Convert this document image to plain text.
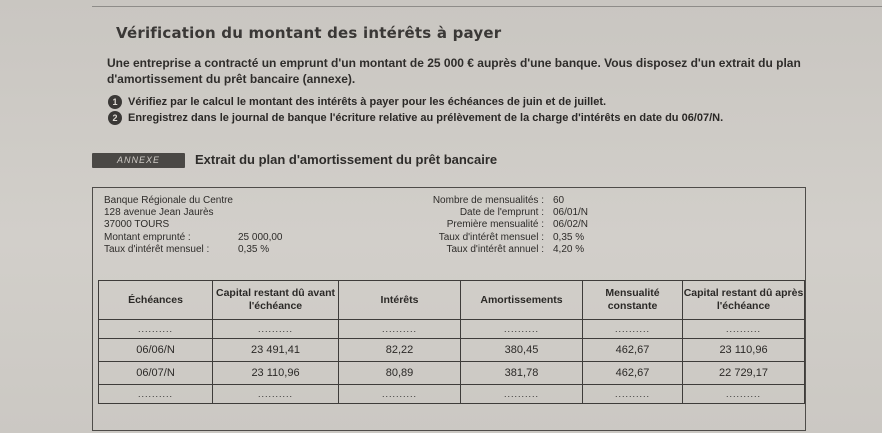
Vérification du montant des intérêts à payer
Une entreprise a contracté un emprunt d'un montant de 25 000 € auprès d'une banque. Vous disposez d'un extrait du plan d'amortissement du prêt bancaire (annexe).
1 Vérifiez par le calcul le montant des intérêts à payer pour les échéances de juin et de juillet.
2 Enregistrez dans le journal de banque l'écriture relative au prélèvement de la charge d'intérêts en date du 06/07/N.
ANNEXE	Extrait du plan d'amortissement du prêt bancaire
Banque Régionale du Centre
128 avenue Jean Jaurès
37000 TOURS
Montant emprunté :	25 000,00
Taux d'intérêt mensuel :	0,35 %
Nombre de mensualités : 60
Date de l'emprunt : 06/01/N
Première mensualité : 06/02/N
Taux d'intérêt mensuel : 0,35 %
Taux d'intérêt annuel : 4,20 %
Échéances	Capital restant dû avant l'échéance	Intérêts	Amortissements	Mensualité constante	Capital restant dû après l'échéance
..........	..........	..........	..........	..........	..........
06/06/N	23 491,41	82,22	380,45	462,67	23 110,96
06/07/N	23 110,96	80,89	381,78	462,67	22 729,17
..........	..........	..........	..........	..........	..........
